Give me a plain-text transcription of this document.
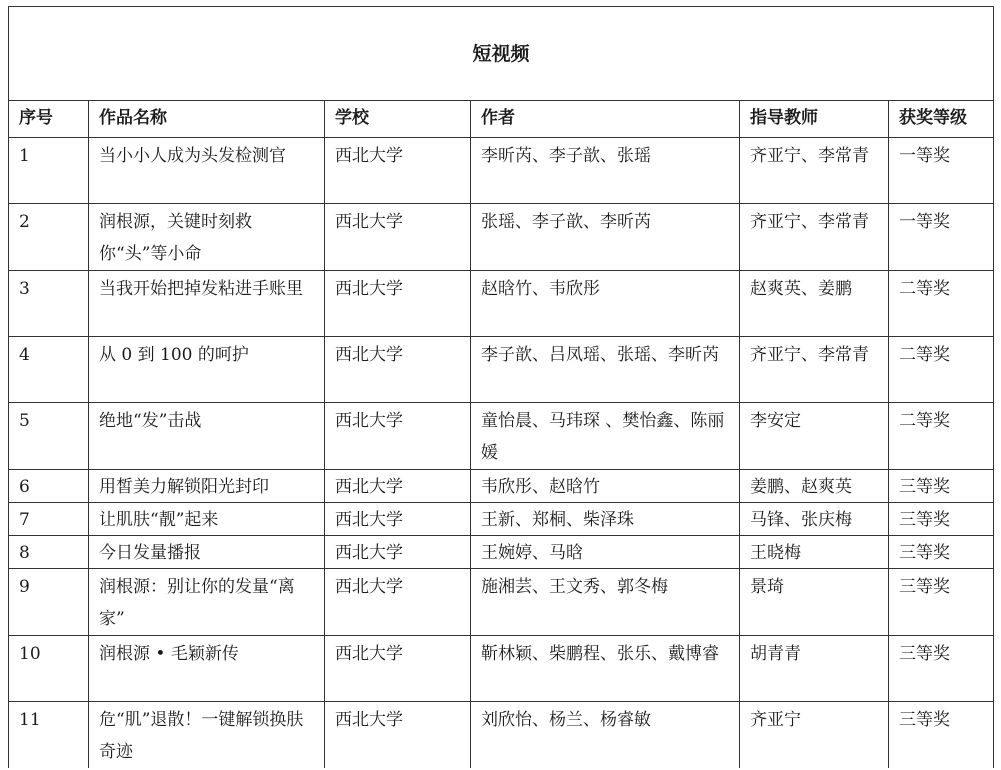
短视频					
序号	作品名称	学校	作者	指导教师	获奖等级
1	当小小人成为头发检测官	西北大学	李昕芮、李子歆、张瑶	齐亚宁、李常青	一等奖
2	润根源，关键时刻救你“头”等小命	西北大学	张瑶、李子歆、李昕芮	齐亚宁、李常青	一等奖
3	当我开始把掉发粘进手账里	西北大学	赵晗竹、韦欣彤	赵爽英、姜鹏	二等奖
4	从 0 到 100 的呵护	西北大学	李子歆、吕凤瑶、张瑶、李昕芮	齐亚宁、李常青	二等奖
5	绝地“发”击战	西北大学	童怡晨、马玮琛 、樊怡鑫、陈丽媛	李安定	二等奖
6	用皙美力解锁阳光封印	西北大学	韦欣彤、赵晗竹	姜鹏、赵爽英	三等奖
7	让肌肤“靓”起来	西北大学	王新、郑桐、柴泽珠	马锋、张庆梅	三等奖
8	今日发量播报	西北大学	王婉婷、马晗	王晓梅	三等奖
9	润根源：别让你的发量“离家”	西北大学	施湘芸、王文秀、郭冬梅	景琦	三等奖
10	润根源 • 毛颖新传	西北大学	靳林颖、柴鹏程、张乐、戴博睿	胡青青	三等奖
11	危“肌”退散！一键解锁换肤奇迹	西北大学	刘欣怡、杨兰、杨睿敏	齐亚宁	三等奖
